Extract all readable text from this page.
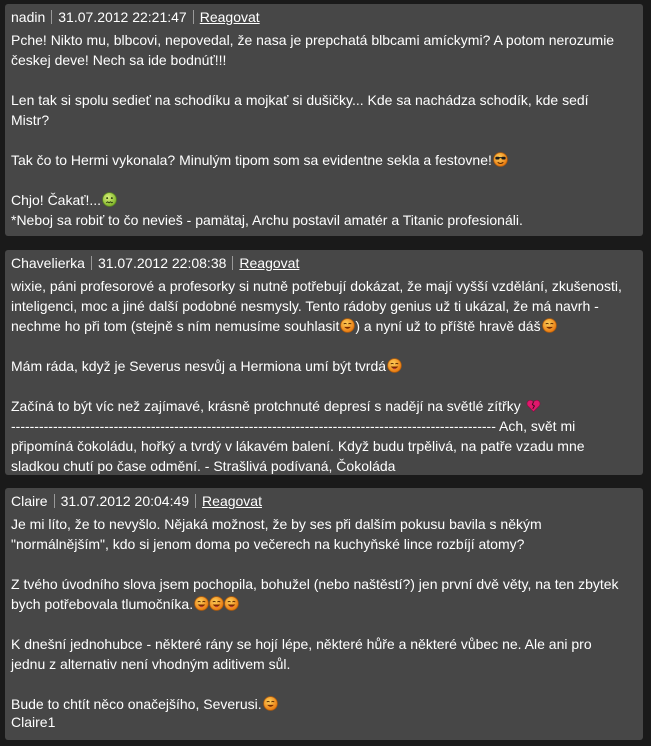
nadin 31.07.2012 22:21:47 Reagovat

Pche! Nikto mu, blbcovi, nepovedal, že nasa je prepchatá blbcami amíckymi? A potom nerozumie

českej deve! Nech sa ide bodnúť!!!

Len tak si spolu sedieť na schodíku a mojkať si dušičky... Kde sa nachádza schodík, kde sedí

Mistr?

Tak čo to Hermi vykonala? Minulým tipom som sa evidentne sekla a festovne!

Chjo! Čakať!...

*Neboj sa robiť to čo nevieš - pamätaj, Archu postavil amatér a Titanic profesionáli.

Chavelierka 31.07.2012 22:08:38 Reagovat

wixie, páni profesorové a profesorky si nutně potřebují dokázat, že mají vyšší vzdělání, zkušenosti,

inteligenci, moc a jiné další podobné nesmysly. Tento rádoby genius už ti ukázal, že má navrh -

nechme ho při tom (stejně s ním nemusíme souhlasit ) a nyní už to příště hravě dáš

Mám ráda, když je Severus nesvůj a Hermiona umí být tvrdá

Začíná to být víc než zajímavé, krásně protchnuté depresí s nadějí na světlé zítřky

-------------------------------------------------------------------------------------------------------- Ach, svět mi

připomíná čokoládu, hořký a tvrdý v lákavém balení. Když budu trpělivá, na patře vzadu mne

sladkou chutí po čase odmění. - Strašlivá podívaná, Čokoláda

Claire 31.07.2012 20:04:49 Reagovat

Je mi líto, že to nevyšlo. Nějaká možnost, že by ses při dalším pokusu bavila s někým

"normálnějším", kdo si jenom doma po večerech na kuchyňské lince rozbíjí atomy?

Z tvého úvodního slova jsem pochopila, bohužel (nebo naštěstí?) jen první dvě věty, na ten zbytek

bych potřebovala tlumočníka.

K dnešní jednohubce - některé rány se hojí lépe, některé hůře a některé vůbec ne. Ale ani pro

jednu z alternativ není vhodným aditivem sůl.

Bude to chtít něco onačejšího, Severusi.

Claire1
